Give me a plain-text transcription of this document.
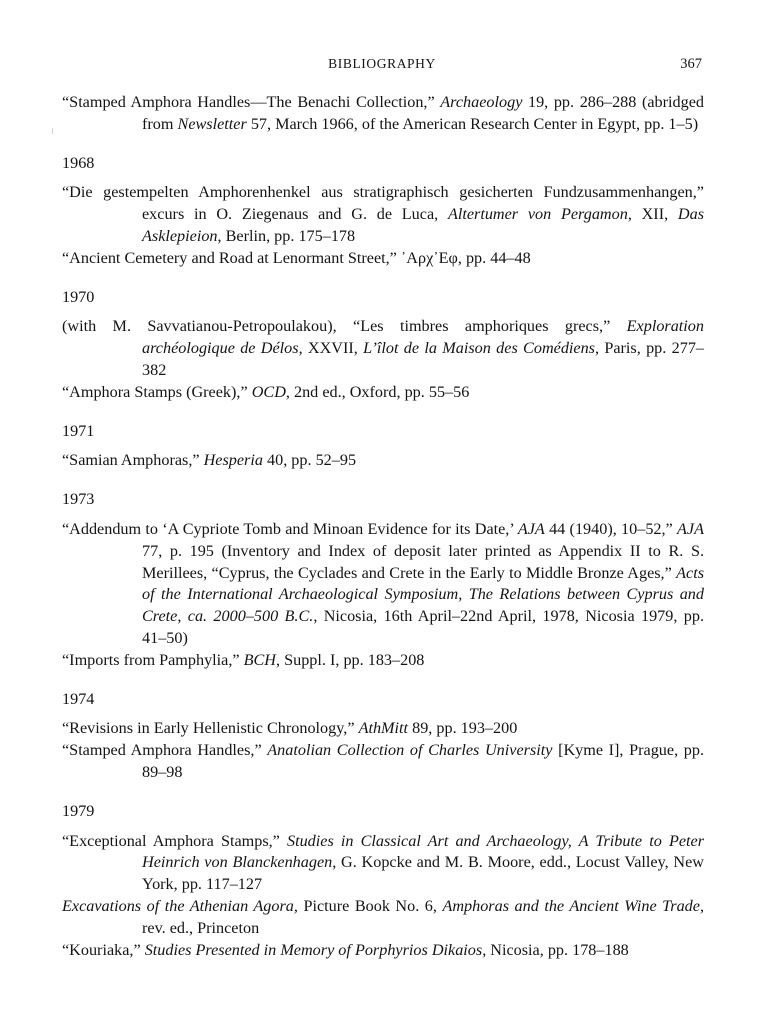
BIBLIOGRAPHY	367

“Stamped Amphora Handles—The Benachi Collection,” Archaeology 19, pp. 286–288 (abridged from Newsletter 57, March 1966, of the American Research Center in Egypt, pp. 1–5)

1968

“Die gestempelten Amphorenhenkel aus stratigraphisch gesicherten Fundzusammenhangen,” excurs in O. Ziegenaus and G. de Luca, Altertumer von Pergamon, XII, Das Asklepieion, Berlin, pp. 175–178

“Ancient Cemetery and Road at Lenormant Street,” ᾽Αρχ᾽Εφ, pp. 44–48

1970

(with M. Savvatianou-Petropoulakou), “Les timbres amphoriques grecs,” Exploration archéologique de Délos, XXVII, L’îlot de la Maison des Comédiens, Paris, pp. 277–382

“Amphora Stamps (Greek),” OCD, 2nd ed., Oxford, pp. 55–56

1971

“Samian Amphoras,” Hesperia 40, pp. 52–95

1973

“Addendum to ‘A Cypriote Tomb and Minoan Evidence for its Date,’ AJA 44 (1940), 10–52,” AJA 77, p. 195 (Inventory and Index of deposit later printed as Appendix II to R. S. Merillees, “Cyprus, the Cyclades and Crete in the Early to Middle Bronze Ages,” Acts of the International Archaeological Symposium, The Relations between Cyprus and Crete, ca. 2000–500 B.C., Nicosia, 16th April–22nd April, 1978, Nicosia 1979, pp. 41–50)

“Imports from Pamphylia,” BCH, Suppl. I, pp. 183–208

1974

“Revisions in Early Hellenistic Chronology,” AthMitt 89, pp. 193–200

“Stamped Amphora Handles,” Anatolian Collection of Charles University [Kyme I], Prague, pp. 89–98

1979

“Exceptional Amphora Stamps,” Studies in Classical Art and Archaeology, A Tribute to Peter Heinrich von Blanckenhagen, G. Kopcke and M. B. Moore, edd., Locust Valley, New York, pp. 117–127

Excavations of the Athenian Agora, Picture Book No. 6, Amphoras and the Ancient Wine Trade, rev. ed., Princeton

“Kouriaka,” Studies Presented in Memory of Porphyrios Dikaios, Nicosia, pp. 178–188
